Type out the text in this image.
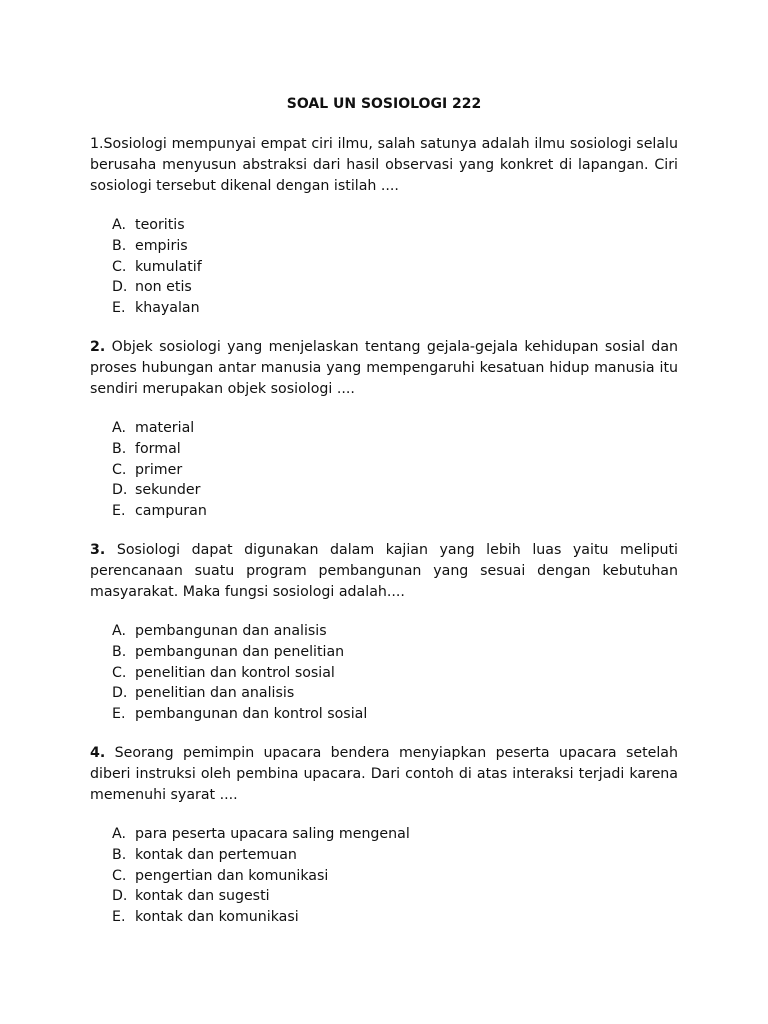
SOAL UN SOSIOLOGI 222

1.Sosiologi mempunyai empat ciri ilmu, salah satunya adalah ilmu sosiologi selalu berusaha menyusun abstraksi dari hasil observasi yang konkret di lapangan. Ciri sosiologi tersebut dikenal dengan istilah ....

A. teoritis
B. empiris
C. kumulatif
D. non etis
E. khayalan

2. Objek sosiologi yang menjelaskan tentang gejala-gejala kehidupan sosial dan proses hubungan antar manusia yang mempengaruhi kesatuan hidup manusia itu sendiri merupakan objek sosiologi ....

A. material
B. formal
C. primer
D. sekunder
E. campuran

3. Sosiologi dapat digunakan dalam kajian yang lebih luas yaitu meliputi perencanaan suatu program pembangunan yang sesuai dengan kebutuhan masyarakat. Maka fungsi sosiologi adalah....

A. pembangunan dan analisis
B. pembangunan dan penelitian
C. penelitian dan kontrol sosial
D. penelitian dan analisis
E. pembangunan dan kontrol sosial

4. Seorang pemimpin upacara bendera menyiapkan peserta upacara setelah diberi instruksi oleh pembina upacara. Dari contoh di atas interaksi terjadi karena memenuhi syarat ....

A. para peserta upacara saling mengenal
B. kontak dan pertemuan
C. pengertian dan komunikasi
D. kontak dan sugesti
E. kontak dan komunikasi
